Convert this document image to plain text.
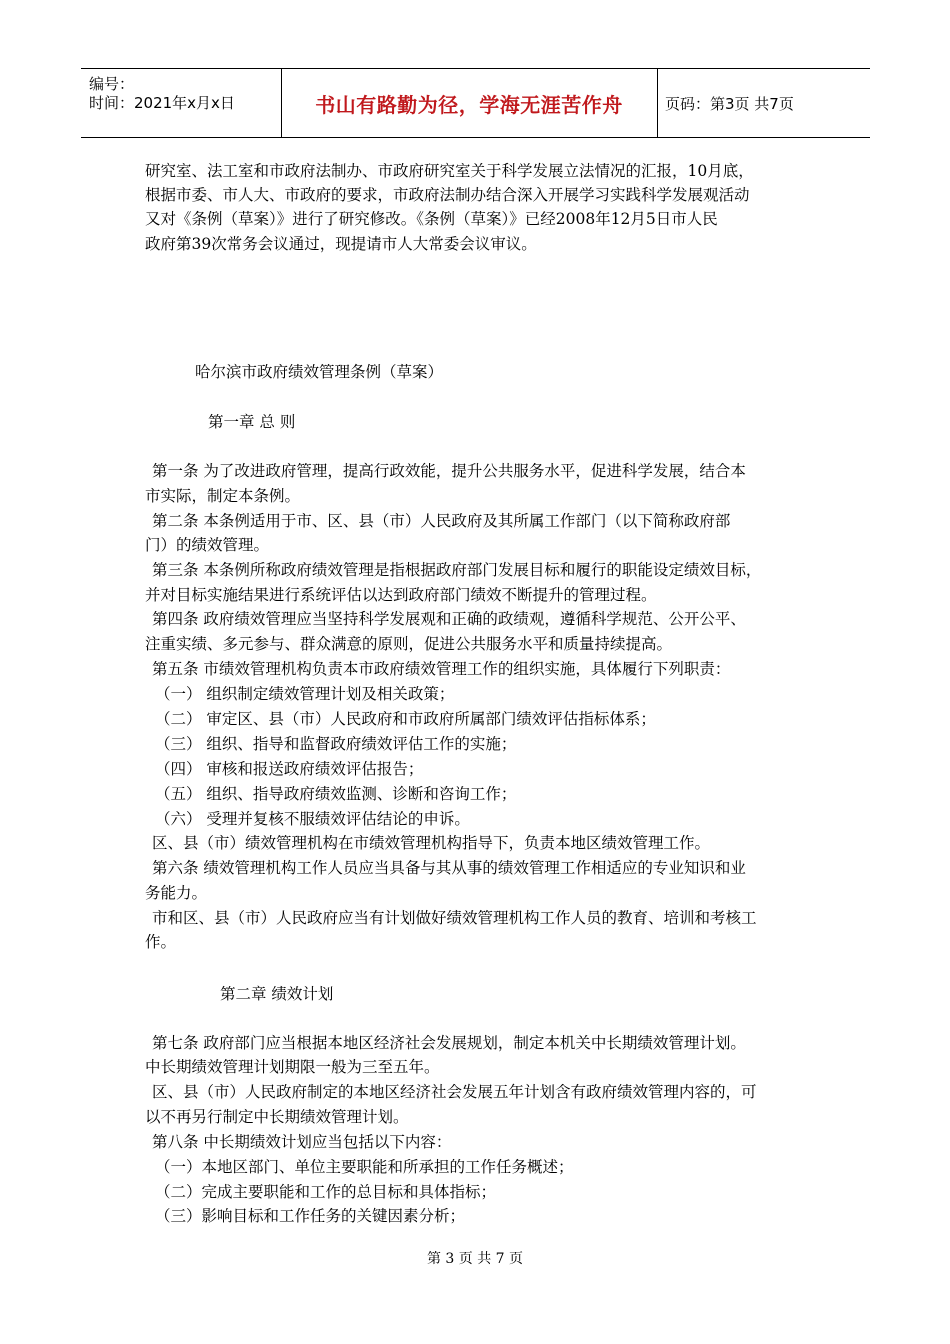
编号：
时间：2021年x月x日	书山有路勤为径，学海无涯苦作舟	页码：第3页 共7页
研究室、法工室和市政府法制办、市政府研究室关于科学发展立法情况的汇报，10月底，
根据市委、市人大、市政府的要求，市政府法制办结合深入开展学习实践科学发展观活动
又对《条例（草案）》进行了研究修改。《条例（草案）》已经2008年12月5日市人民
政府第39次常务会议通过，现提请市人大常委会议审议。
哈尔滨市政府绩效管理条例（草案）
第一章 总 则
第一条 为了改进政府管理，提高行政效能，提升公共服务水平，促进科学发展，结合本
市实际，制定本条例。
第二条 本条例适用于市、区、县（市）人民政府及其所属工作部门（以下简称政府部
门）的绩效管理。
第三条 本条例所称政府绩效管理是指根据政府部门发展目标和履行的职能设定绩效目标，
并对目标实施结果进行系统评估以达到政府部门绩效不断提升的管理过程。
第四条 政府绩效管理应当坚持科学发展观和正确的政绩观，遵循科学规范、公开公平、
注重实绩、多元参与、群众满意的原则，促进公共服务水平和质量持续提高。
第五条 市绩效管理机构负责本市政府绩效管理工作的组织实施，具体履行下列职责：
（一） 组织制定绩效管理计划及相关政策；
（二） 审定区、县（市）人民政府和市政府所属部门绩效评估指标体系；
（三） 组织、指导和监督政府绩效评估工作的实施；
（四） 审核和报送政府绩效评估报告；
（五） 组织、指导政府绩效监测、诊断和咨询工作；
（六） 受理并复核不服绩效评估结论的申诉。
区、县（市）绩效管理机构在市绩效管理机构指导下，负责本地区绩效管理工作。
第六条 绩效管理机构工作人员应当具备与其从事的绩效管理工作相适应的专业知识和业
务能力。
市和区、县（市）人民政府应当有计划做好绩效管理机构工作人员的教育、培训和考核工
作。
第二章 绩效计划
第七条 政府部门应当根据本地区经济社会发展规划，制定本机关中长期绩效管理计划。
中长期绩效管理计划期限一般为三至五年。
区、县（市）人民政府制定的本地区经济社会发展五年计划含有政府绩效管理内容的，可
以不再另行制定中长期绩效管理计划。
第八条 中长期绩效计划应当包括以下内容：
（一）本地区部门、单位主要职能和所承担的工作任务概述；
（二）完成主要职能和工作的总目标和具体指标；
（三）影响目标和工作任务的关键因素分析；
第 3 页 共 7 页
